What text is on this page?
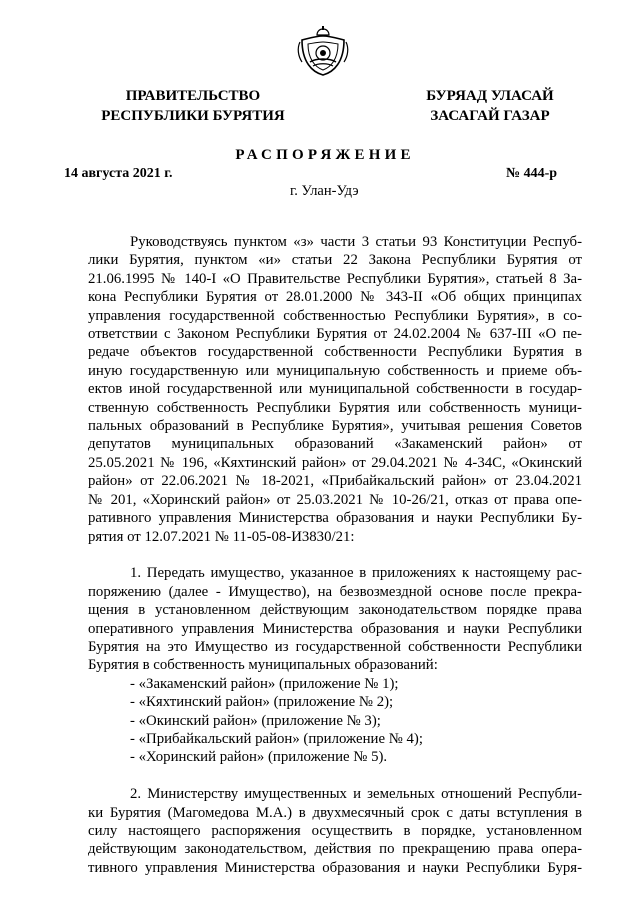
ПРАВИТЕЛЬСТВО
РЕСПУБЛИКИ БУРЯТИЯ
БУРЯАД УЛАСАЙ
ЗАСАГАЙ ГАЗАР
РАСПОРЯЖЕНИЕ
14 августа 2021 г.	№ 444-р
г. Улан-Удэ
Руководствуясь пунктом «з» части 3 статьи 93 Конституции Респуб-
лики Бурятия, пунктом «и» статьи 22 Закона Республики Бурятия от
21.06.1995 № 140-I «О Правительстве Республики Бурятия», статьей 8 За-
кона Республики Бурятия от 28.01.2000 № 343-II «Об общих принципах
управления государственной собственностью Республики Бурятия», в со-
ответствии с Законом Республики Бурятия от 24.02.2004 № 637-III «О пе-
редаче объектов государственной собственности Республики Бурятия в
иную государственную или муниципальную собственность и приеме объ-
ектов иной государственной или муниципальной собственности в государ-
ственную собственность Республики Бурятия или собственность муници-
пальных образований в Республике Бурятия», учитывая решения Советов
депутатов муниципальных образований «Закаменский район» от
25.05.2021 № 196, «Кяхтинский район» от 29.04.2021 № 4-34С, «Окинский
район» от 22.06.2021 № 18-2021, «Прибайкальский район» от 23.04.2021
№ 201, «Хоринский район» от 25.03.2021 № 10-26/21, отказ от права опе-
ративного управления Министерства образования и науки Республики Бу-
рятия от 12.07.2021 № 11-05-08-И3830/21:
1. Передать имущество, указанное в приложениях к настоящему рас-
поряжению (далее - Имущество), на безвозмездной основе после прекра-
щения в установленном действующим законодательством порядке права
оперативного управления Министерства образования и науки Республики
Бурятия на это Имущество из государственной собственности Республики
Бурятия в собственность муниципальных образований:
- «Закаменский район» (приложение № 1);
- «Кяхтинский район» (приложение № 2);
- «Окинский район» (приложение № 3);
- «Прибайкальский район» (приложение № 4);
- «Хоринский район» (приложение № 5).
2. Министерству имущественных и земельных отношений Республи-
ки Бурятия (Магомедова М.А.) в двухмесячный срок с даты вступления в
силу настоящего распоряжения осуществить в порядке, установленном
действующим законодательством, действия по прекращению права опера-
тивного управления Министерства образования и науки Республики Буря-
